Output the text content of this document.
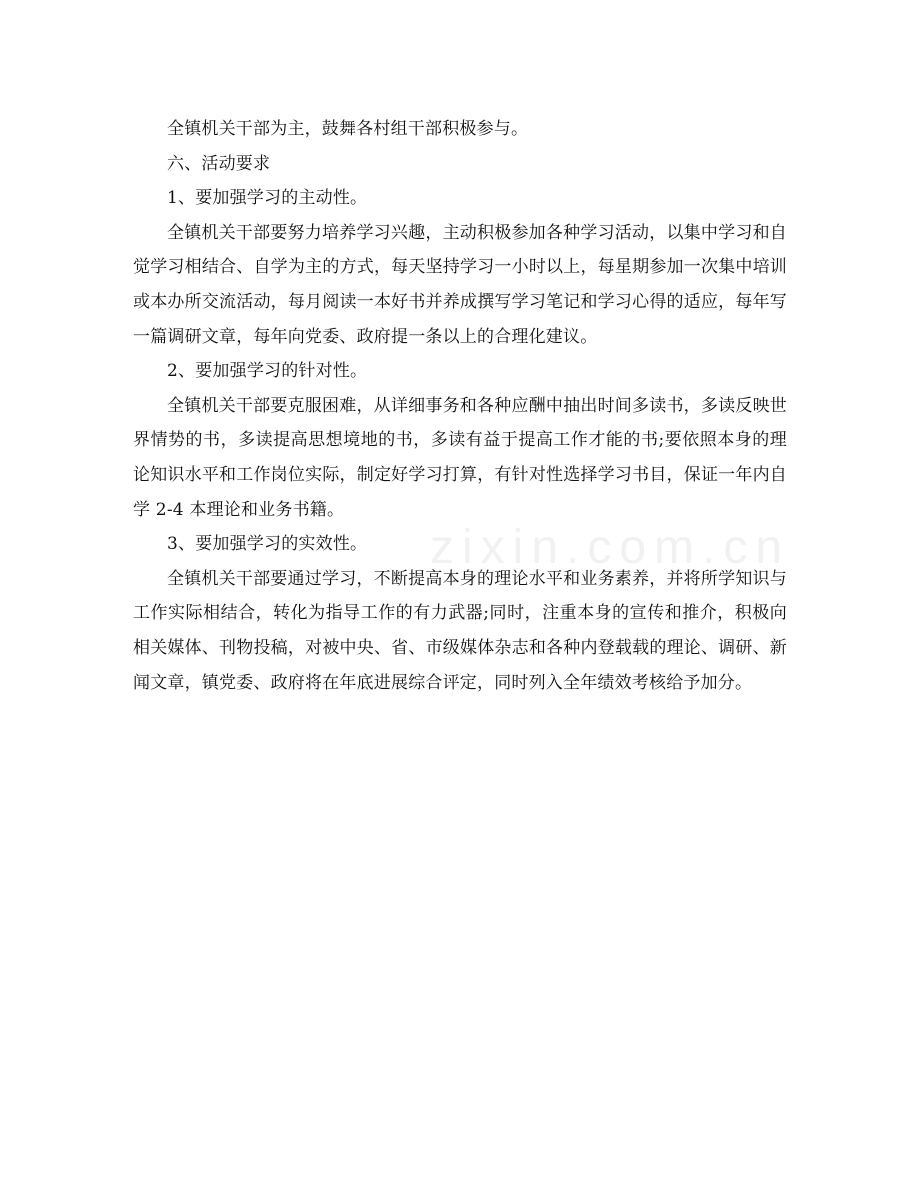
全镇机关干部为主，鼓舞各村组干部积极参与。

六、活动要求

1、要加强学习的主动性。

全镇机关干部要努力培养学习兴趣，主动积极参加各种学习活动，以集中学习和自觉学习相结合、自学为主的方式，每天坚持学习一小时以上，每星期参加一次集中培训或本办所交流活动，每月阅读一本好书并养成撰写学习笔记和学习心得的适应，每年写一篇调研文章，每年向党委、政府提一条以上的合理化建议。

2、要加强学习的针对性。

全镇机关干部要克服困难，从详细事务和各种应酬中抽出时间多读书，多读反映世界情势的书，多读提高思想境地的书，多读有益于提高工作才能的书;要依照本身的理论知识水平和工作岗位实际，制定好学习打算，有针对性选择学习书目，保证一年内自学 2-4 本理论和业务书籍。

3、要加强学习的实效性。

全镇机关干部要通过学习，不断提高本身的理论水平和业务素养，并将所学知识与工作实际相结合，转化为指导工作的有力武器;同时，注重本身的宣传和推介，积极向相关媒体、刊物投稿，对被中央、省、市级媒体杂志和各种内登载载的理论、调研、新闻文章，镇党委、政府将在年底进展综合评定，同时列入全年绩效考核给予加分。

zixin.com.cn
